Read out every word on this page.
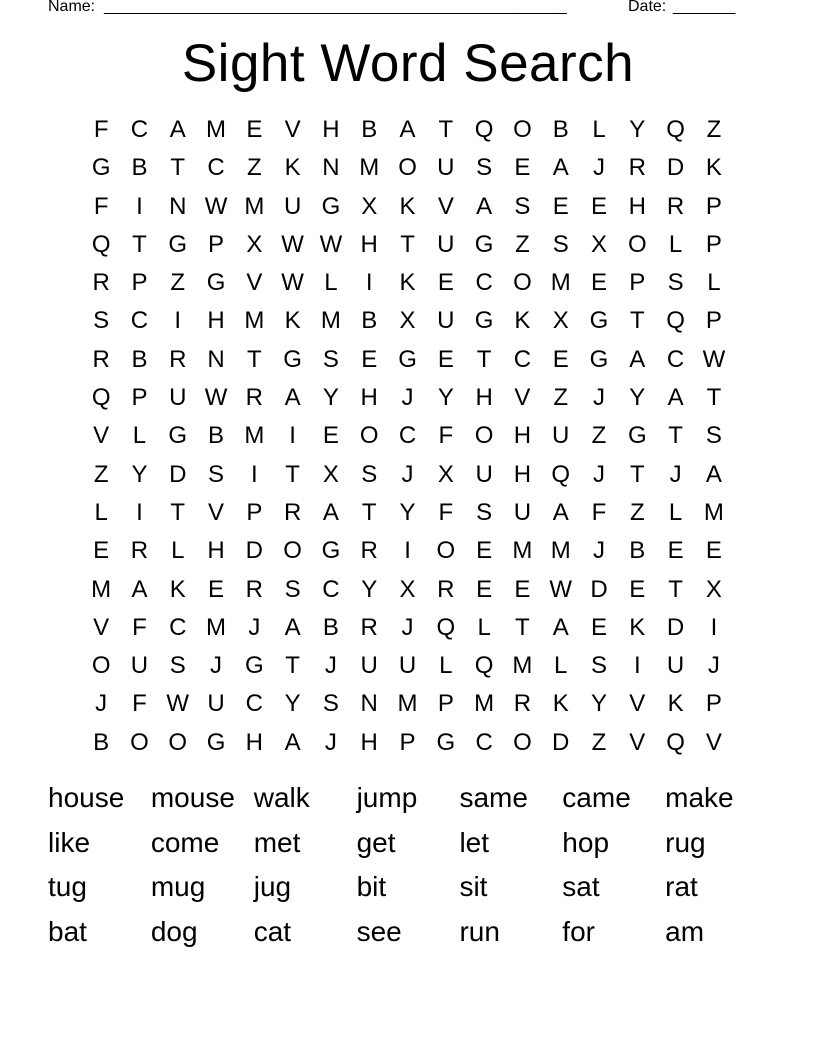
Name: ____________________________________________________	Date: _______
Sight Word Search
F C A M E V H B A T Q O B L Y Q Z
G B T C Z K N M O U S E A	J R D K
F	I	N W M U G X K V A S E E H R P
Q T G P X W W H T U G Z S X O L P
R P Z G V W L	I	K E C O M E P S L
S C	I	H M K M B X U G K X G T Q P
R B R N T G S E G E T C E G A C W
Q P U W R A Y H J	Y H V Z	J	Y A T
V L G B M	I	E O C F O H U Z G T S
Z Y D S	I	T X S	J	X U H Q J	T	J	A
L	I	T V P R A T Y F S U A F Z	L M
E R L H D O G R	I	O E M M J	B E E
M A K E R S C Y X R E E W D E T X
V F C M J	A B R J Q L	T A E K D	I
O U S	J G T	J U U L Q M L S	I	U J
J	F W U C Y S N M P M R K Y V K P
B O O G H A	J H P G C O D Z V Q V
house mouse walk	jump	same	came	make
like	come	met	get	let	hop	rug
tug	mug	jug	bit	sit	sat	rat
bat	dog	cat	see	run	for	am
